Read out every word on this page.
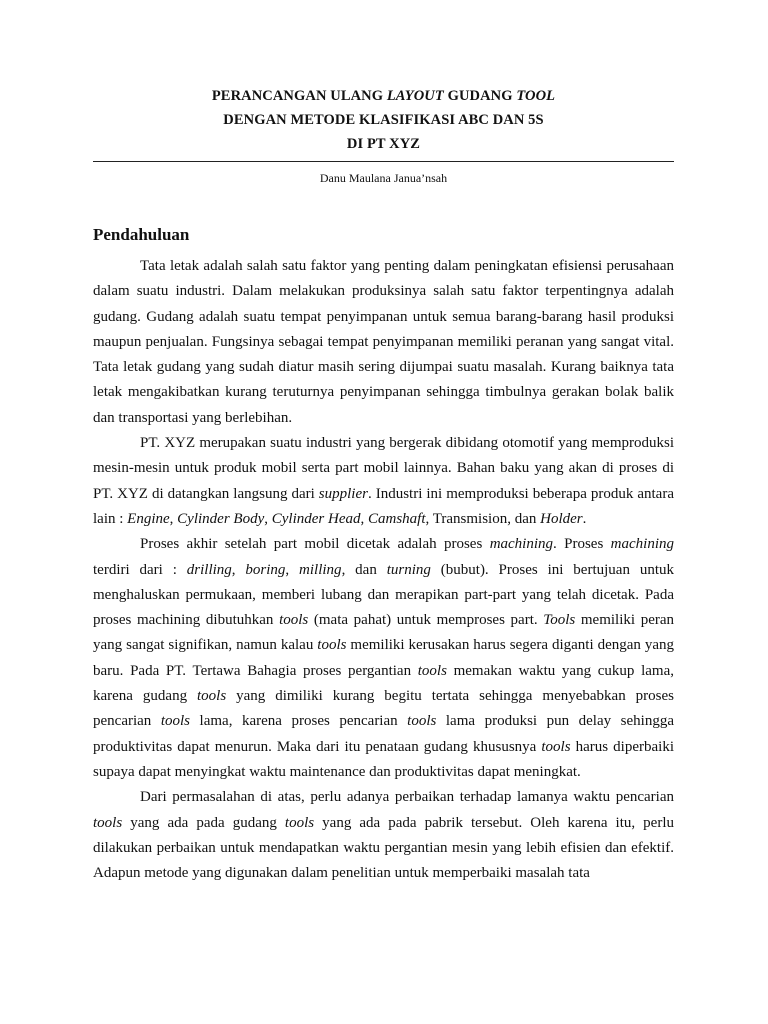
PERANCANGAN ULANG LAYOUT GUDANG TOOL
DENGAN METODE KLASIFIKASI ABC DAN 5S
DI PT XYZ
Danu Maulana Janua’nsah
Pendahuluan

Tata letak adalah salah satu faktor yang penting dalam peningkatan efisiensi perusahaan dalam suatu industri. Dalam melakukan produksinya salah satu faktor terpentingnya adalah gudang. Gudang adalah suatu tempat penyimpanan untuk semua barang-barang hasil produksi maupun penjualan. Fungsinya sebagai tempat penyimpanan memiliki peranan yang sangat vital. Tata letak gudang yang sudah diatur masih sering dijumpai suatu masalah. Kurang baiknya tata letak mengakibatkan kurang teruturnya penyimpanan sehingga timbulnya gerakan bolak balik dan transportasi yang berlebihan.

PT. XYZ merupakan suatu industri yang bergerak dibidang otomotif yang memproduksi mesin-mesin untuk produk mobil serta part mobil lainnya. Bahan baku yang akan di proses di PT. XYZ di datangkan langsung dari supplier. Industri ini memproduksi beberapa produk antara lain : Engine, Cylinder Body, Cylinder Head, Camshaft, Transmision, dan Holder.

Proses akhir setelah part mobil dicetak adalah proses machining. Proses machining terdiri dari : drilling, boring, milling, dan turning (bubut). Proses ini bertujuan untuk menghaluskan permukaan, memberi lubang dan merapikan part-part yang telah dicetak. Pada proses machining dibutuhkan tools (mata pahat) untuk memproses part. Tools memiliki peran yang sangat signifikan, namun kalau tools memiliki kerusakan harus segera diganti dengan yang baru. Pada PT. Tertawa Bahagia proses pergantian tools memakan waktu yang cukup lama, karena gudang tools yang dimiliki kurang begitu tertata sehingga menyebabkan proses pencarian tools lama, karena proses pencarian tools lama produksi pun delay sehingga produktivitas dapat menurun. Maka dari itu penataan gudang khususnya tools harus diperbaiki supaya dapat menyingkat waktu maintenance dan produktivitas dapat meningkat.

Dari permasalahan di atas, perlu adanya perbaikan terhadap lamanya waktu pencarian tools yang ada pada gudang tools yang ada pada pabrik tersebut. Oleh karena itu, perlu dilakukan perbaikan untuk mendapatkan waktu pergantian mesin yang lebih efisien dan efektif. Adapun metode yang digunakan dalam penelitian untuk memperbaiki masalah tata
